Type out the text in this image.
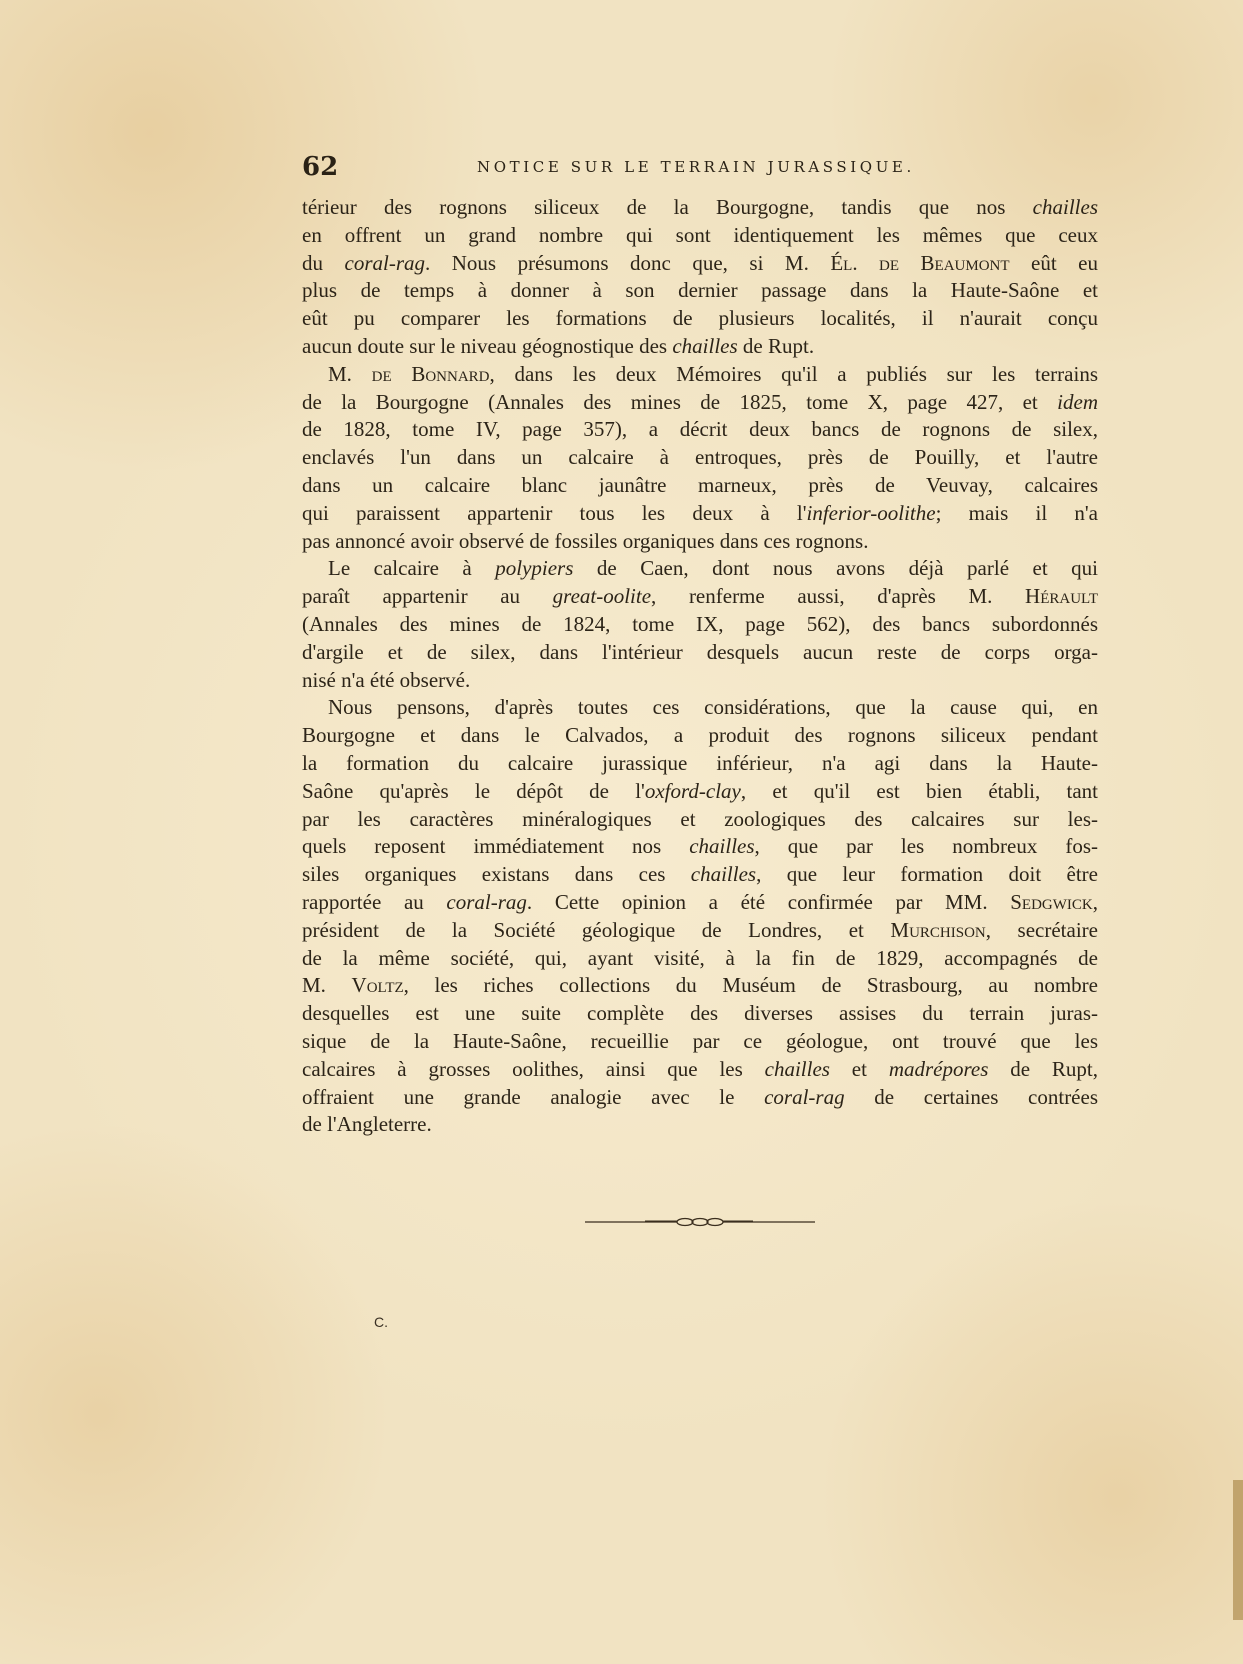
62	NOTICE SUR LE TERRAIN JURASSIQUE.
térieur des rognons siliceux de la Bourgogne, tandis que nos chailles
en offrent un grand nombre qui sont identiquement les mêmes que ceux
du coral-rag. Nous présumons donc que, si M. Él. de Beaumont eût eu
plus de temps à donner à son dernier passage dans la Haute-Saône et
eût pu comparer les formations de plusieurs localités, il n'aurait conçu
aucun doute sur le niveau géognostique des chailles de Rupt.
M. de Bonnard, dans les deux Mémoires qu'il a publiés sur les terrains
de la Bourgogne (Annales des mines de 1825, tome X, page 427, et idem
de 1828, tome IV, page 357), a décrit deux bancs de rognons de silex,
enclavés l'un dans un calcaire à entroques, près de Pouilly, et l'autre
dans un calcaire blanc jaunâtre marneux, près de Veuvay, calcaires
qui paraissent appartenir tous les deux à l'inferior-oolithe; mais il n'a
pas annoncé avoir observé de fossiles organiques dans ces rognons.
Le calcaire à polypiers de Caen, dont nous avons déjà parlé et qui
paraît appartenir au great-oolite, renferme aussi, d'après M. Hérault
(Annales des mines de 1824, tome IX, page 562), des bancs subordonnés
d'argile et de silex, dans l'intérieur desquels aucun reste de corps orga-
nisé n'a été observé.
Nous pensons, d'après toutes ces considérations, que la cause qui, en
Bourgogne et dans le Calvados, a produit des rognons siliceux pendant
la formation du calcaire jurassique inférieur, n'a agi dans la Haute-
Saône qu'après le dépôt de l'oxford-clay, et qu'il est bien établi, tant
par les caractères minéralogiques et zoologiques des calcaires sur les-
quels reposent immédiatement nos chailles, que par les nombreux fos-
siles organiques existans dans ces chailles, que leur formation doit être
rapportée au coral-rag. Cette opinion a été confirmée par MM. Sedgwick,
président de la Société géologique de Londres, et Murchison, secrétaire
de la même société, qui, ayant visité, à la fin de 1829, accompagnés de
M. Voltz, les riches collections du Muséum de Strasbourg, au nombre
desquelles est une suite complète des diverses assises du terrain juras-
sique de la Haute-Saône, recueillie par ce géologue, ont trouvé que les
calcaires à grosses oolithes, ainsi que les chailles et madrépores de Rupt,
offraient une grande analogie avec le coral-rag de certaines contrées
de l'Angleterre.
C.
